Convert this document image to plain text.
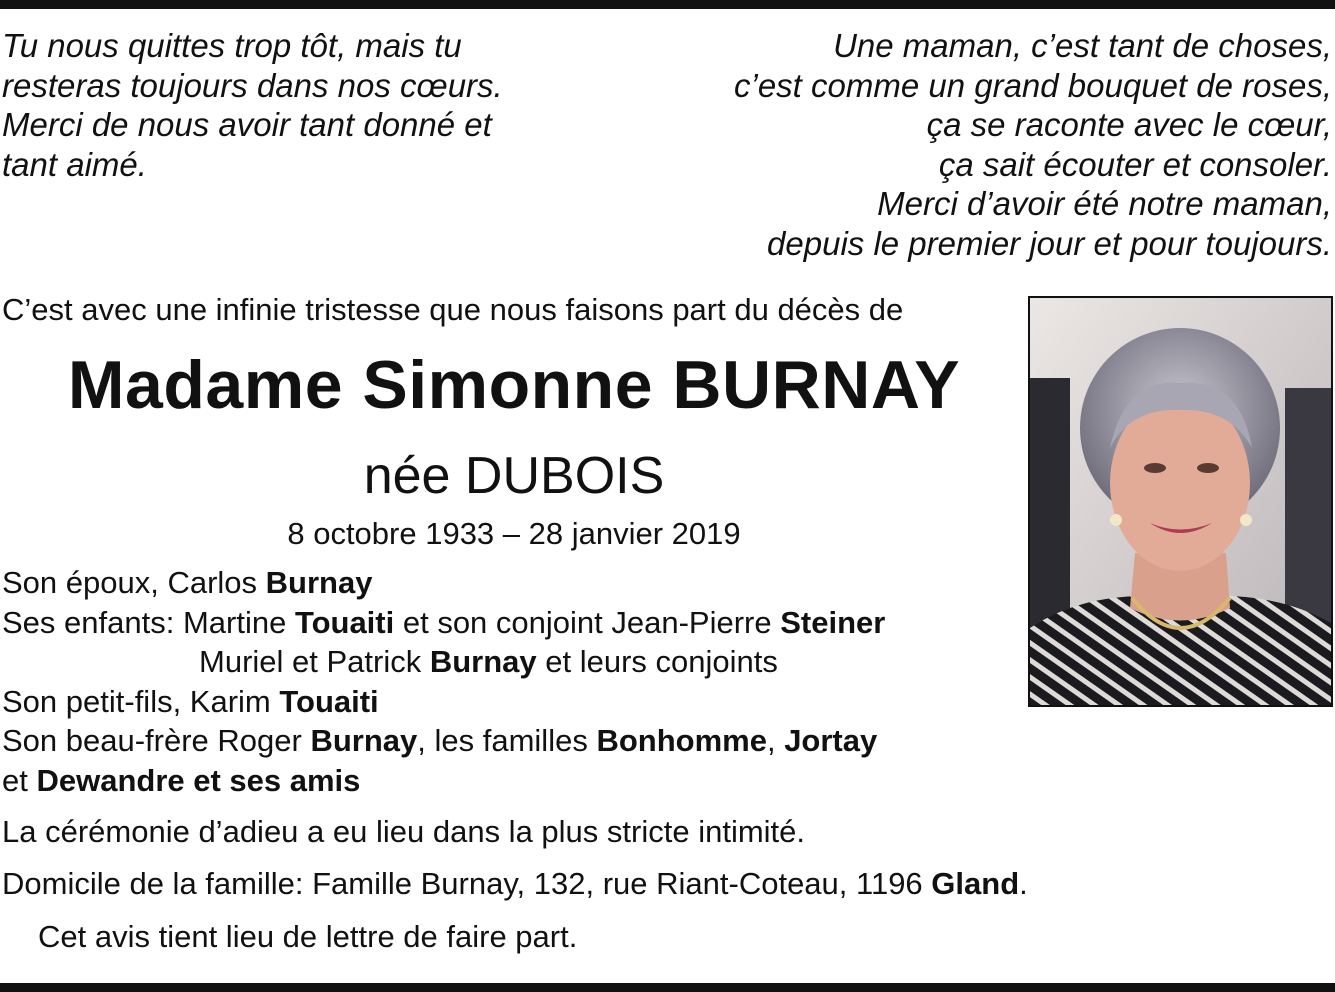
Tu nous quittes trop tôt, mais tu
resteras toujours dans nos cœurs.
Merci de nous avoir tant donné et
tant aimé.
Une maman, c’est tant de choses,
c’est comme un grand bouquet de roses,
ça se raconte avec le cœur,
ça sait écouter et consoler.
Merci d’avoir été notre maman,
depuis le premier jour et pour toujours.
C’est avec une infinie tristesse que nous faisons part du décès de
Madame Simonne BURNAY
née DUBOIS
8 octobre 1933 – 28 janvier 2019
Son époux, Carlos Burnay
Ses enfants: Martine Touaiti et son conjoint Jean-Pierre Steiner
Muriel et Patrick Burnay et leurs conjoints
Son petit-fils, Karim Touaiti
Son beau-frère Roger Burnay, les familles Bonhomme, Jortay
et Dewandre et ses amis
La cérémonie d’adieu a eu lieu dans la plus stricte intimité.
Domicile de la famille: Famille Burnay, 132, rue Riant-Coteau, 1196 Gland.
Cet avis tient lieu de lettre de faire part.
